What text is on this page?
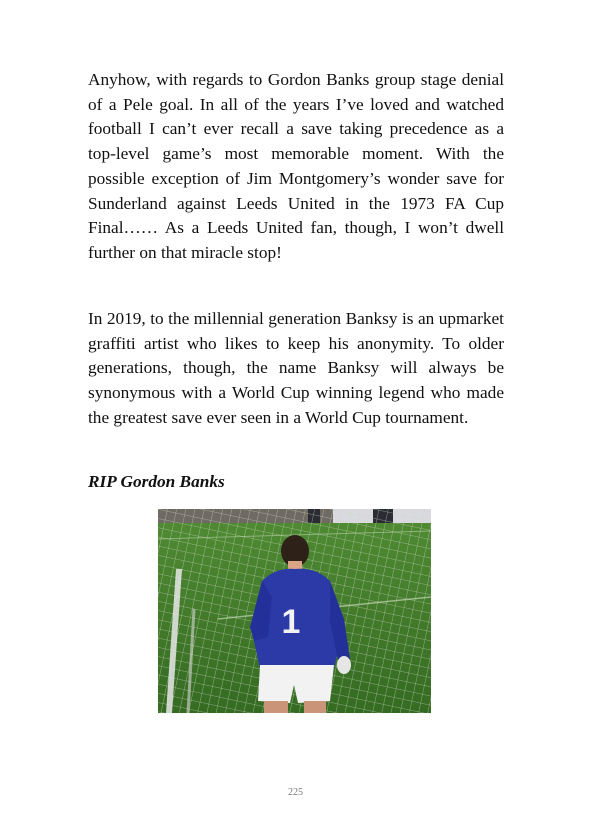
Anyhow, with regards to Gordon Banks group stage denial of a Pele goal. In all of the years I’ve loved and watched football I can’t ever recall a save taking precedence as a top-level game’s most memorable moment. With the possible exception of Jim Montgomery’s wonder save for Sunderland against Leeds United in the 1973 FA Cup Final…… As a Leeds United fan, though, I won’t dwell further on that miracle stop!

In 2019, to the millennial generation Banksy is an upmarket graffiti artist who likes to keep his anonymity. To older generations, though, the name Banksy will always be synonymous with a World Cup winning legend who made the greatest save ever seen in a World Cup tournament.

RIP Gordon Banks

1
225
